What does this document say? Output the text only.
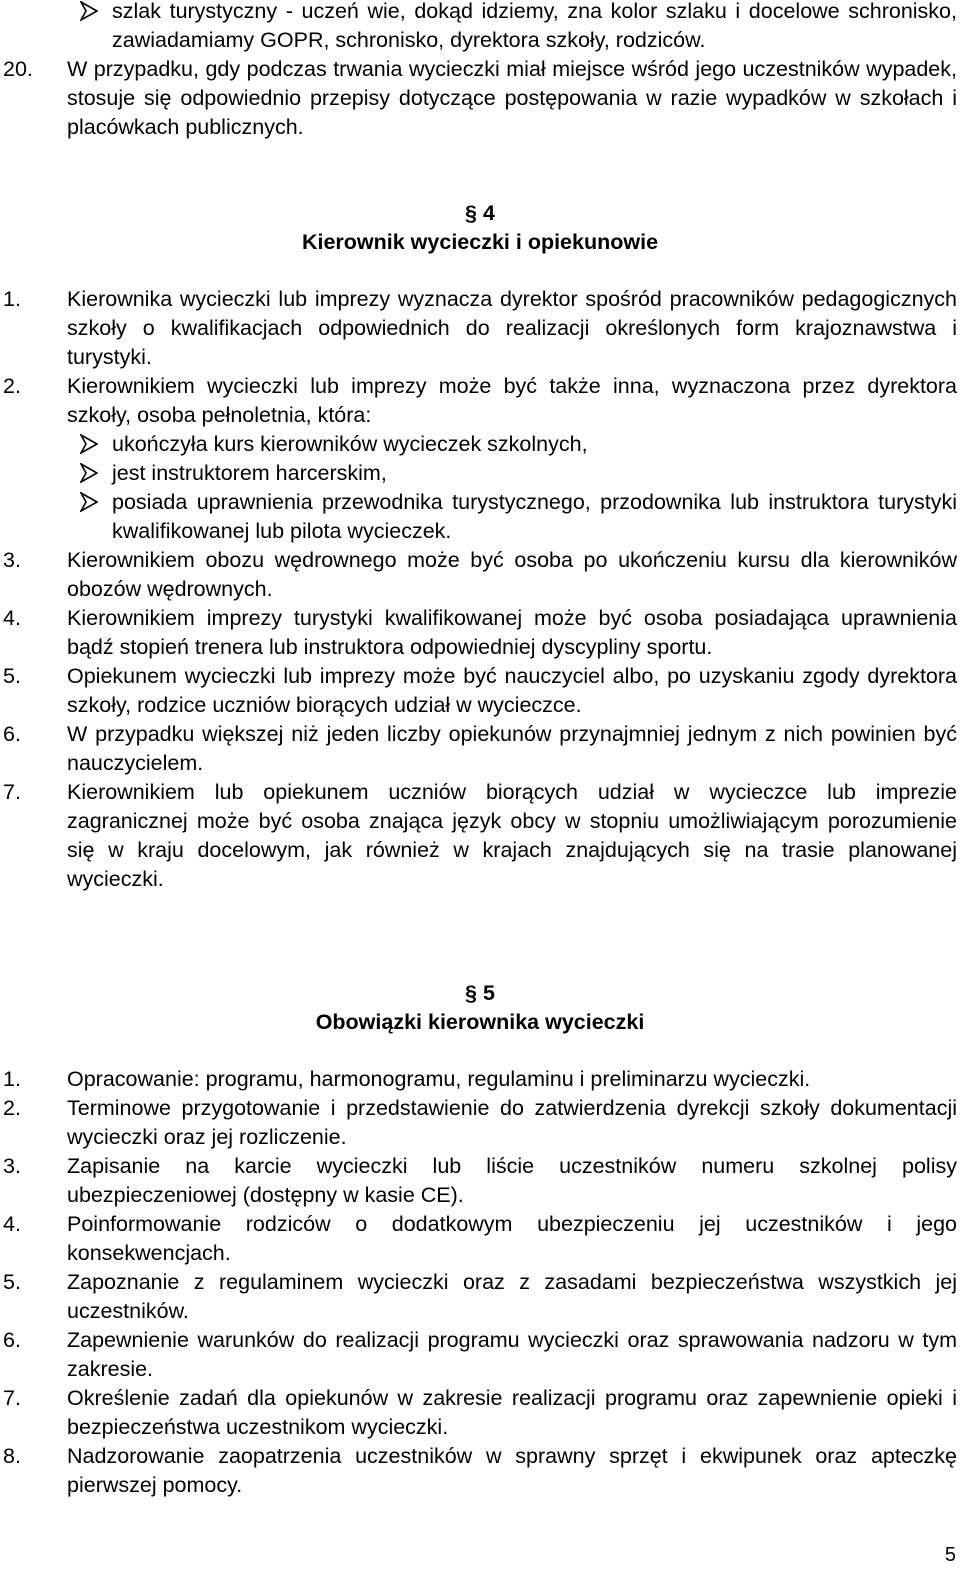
szlak turystyczny - uczeń wie, dokąd idziemy, zna kolor szlaku i docelowe schronisko, zawiadamiamy GOPR, schronisko, dyrektora szkoły, rodziców.
20. W przypadku, gdy podczas trwania wycieczki miał miejsce wśród jego uczestników wypadek, stosuje się odpowiednio przepisy dotyczące postępowania w razie wypadków w szkołach i placówkach publicznych.
§ 4
Kierownik wycieczki i opiekunowie
1. Kierownika wycieczki lub imprezy wyznacza dyrektor spośród pracowników pedagogicznych szkoły o kwalifikacjach odpowiednich do realizacji określonych form krajoznawstwa i turystyki.
2. Kierownikiem wycieczki lub imprezy może być także inna, wyznaczona przez dyrektora szkoły, osoba pełnoletnia, która:
ukończyła kurs kierowników wycieczek szkolnych,
jest instruktorem harcerskim,
posiada uprawnienia przewodnika turystycznego, przodownika lub instruktora turystyki kwalifikowanej lub pilota wycieczek.
3. Kierownikiem obozu wędrownego może być osoba po ukończeniu kursu dla kierowników obozów wędrownych.
4. Kierownikiem imprezy turystyki kwalifikowanej może być osoba posiadająca uprawnienia bądź stopień trenera lub instruktora odpowiedniej dyscypliny sportu.
5. Opiekunem wycieczki lub imprezy może być nauczyciel albo, po uzyskaniu zgody dyrektora szkoły, rodzice uczniów biorących udział w wycieczce.
6. W przypadku większej niż jeden liczby opiekunów przynajmniej jednym z nich powinien być nauczycielem.
7. Kierownikiem lub opiekunem uczniów biorących udział w wycieczce lub imprezie zagranicznej może być osoba znająca język obcy w stopniu umożliwiającym porozumienie się w kraju docelowym, jak również w krajach znajdujących się na trasie planowanej wycieczki.
§ 5
Obowiązki kierownika wycieczki
1. Opracowanie: programu, harmonogramu, regulaminu i preliminarzu wycieczki.
2. Terminowe przygotowanie i przedstawienie do zatwierdzenia dyrekcji szkoły dokumentacji wycieczki oraz jej rozliczenie.
3. Zapisanie na karcie wycieczki lub liście uczestników numeru szkolnej polisy ubezpieczeniowej (dostępny w kasie CE).
4. Poinformowanie rodziców o dodatkowym ubezpieczeniu jej uczestników i jego konsekwencjach.
5. Zapoznanie z regulaminem wycieczki oraz z zasadami bezpieczeństwa wszystkich jej uczestników.
6. Zapewnienie warunków do realizacji programu wycieczki oraz sprawowania nadzoru w tym zakresie.
7. Określenie zadań dla opiekunów w zakresie realizacji programu oraz zapewnienie opieki i bezpieczeństwa uczestnikom wycieczki.
8. Nadzorowanie zaopatrzenia uczestników w sprawny sprzęt i ekwipunek oraz apteczkę pierwszej pomocy.
5
